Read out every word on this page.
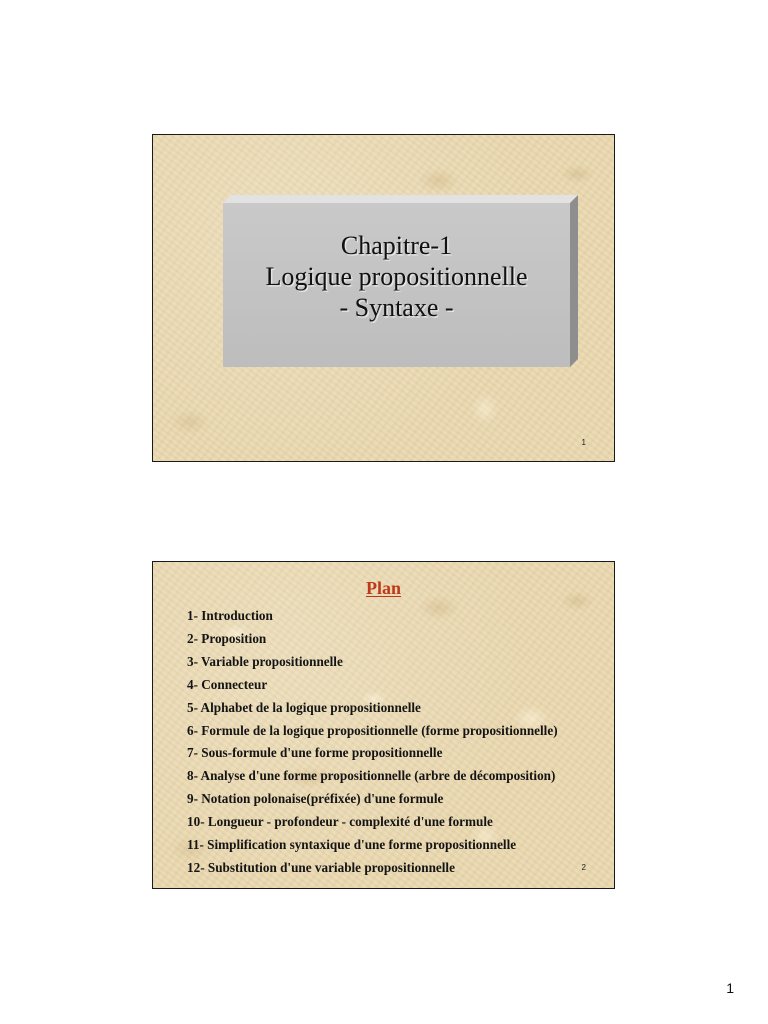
Chapitre-1
Logique propositionnelle
- Syntaxe -
1
Plan
1- Introduction
2- Proposition
3- Variable propositionnelle
4- Connecteur
5- Alphabet de la logique propositionnelle
6- Formule de la logique propositionnelle (forme propositionnelle)
7- Sous-formule d'une forme propositionnelle
8- Analyse d'une forme propositionnelle (arbre de décomposition)
9- Notation polonaise(préfixée) d'une formule
10- Longueur - profondeur - complexité d'une formule
11- Simplification syntaxique d'une forme propositionnelle
12- Substitution d'une variable propositionnelle	2
1
